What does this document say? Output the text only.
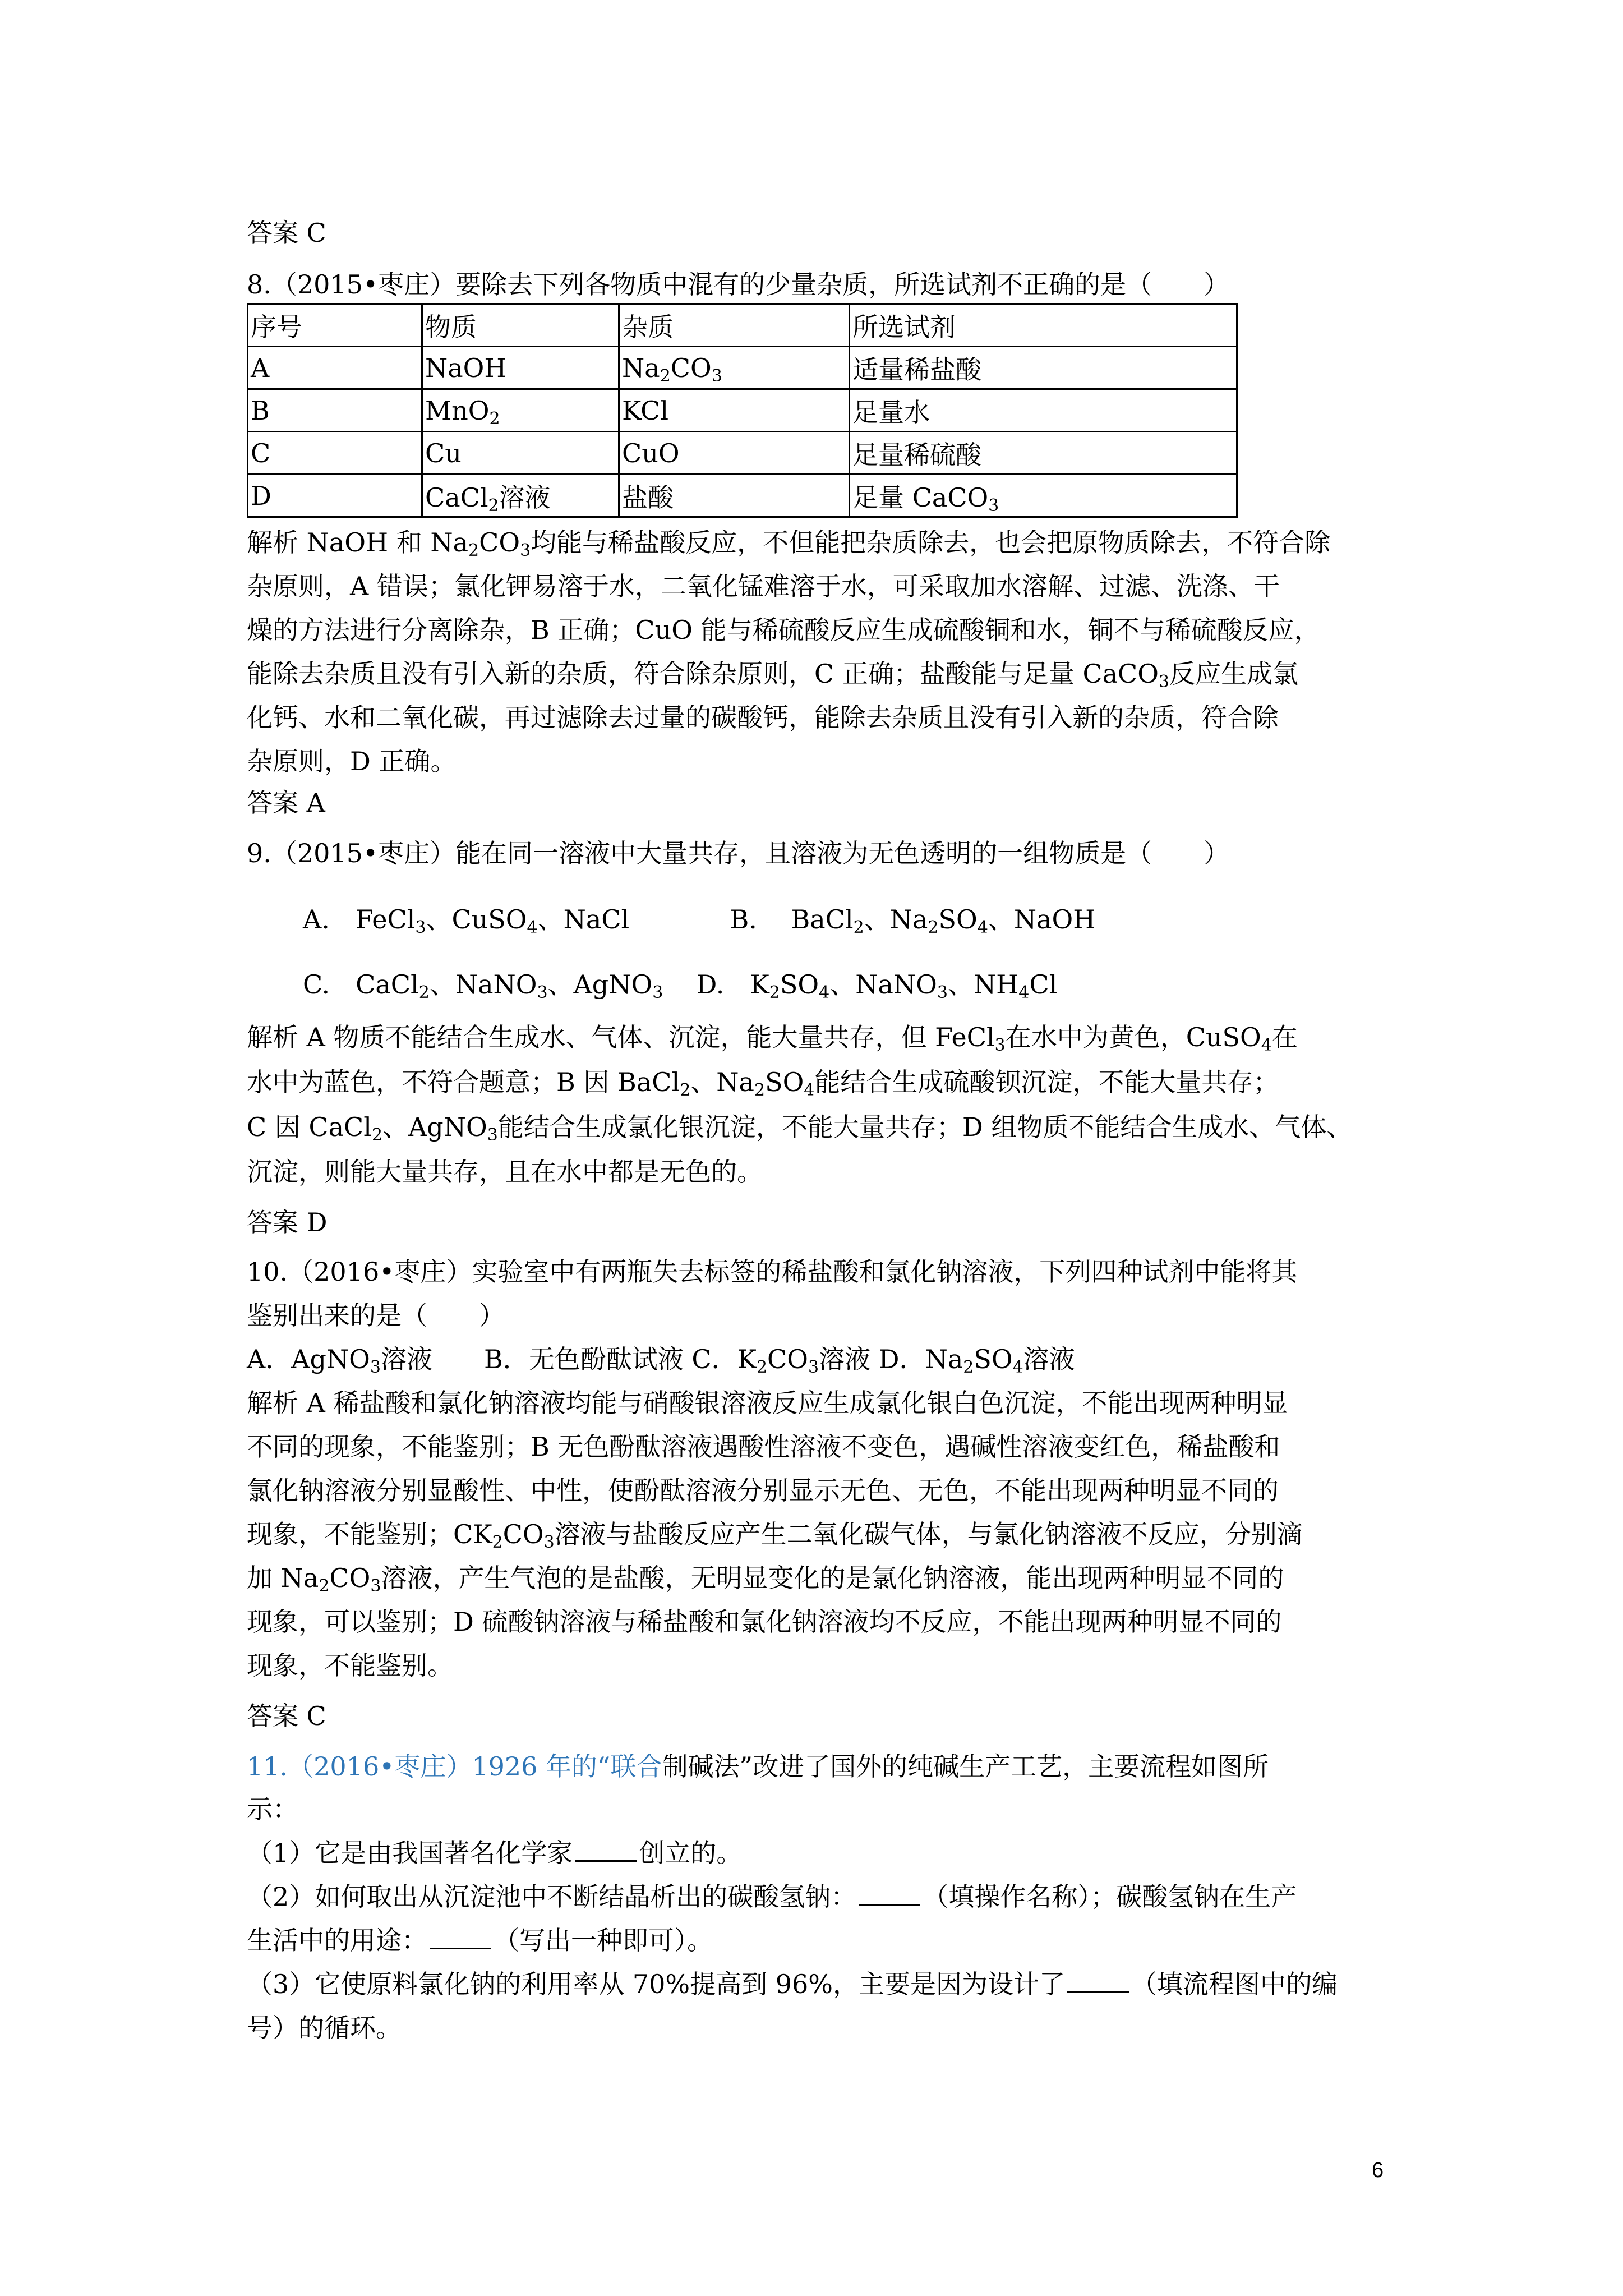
答案 C
8.（2015•枣庄）要除去下列各物质中混有的少量杂质，所选试剂不正确的是（　　）
序号	物质	杂质	所选试剂
A	NaOH	$Na_2CO_3$	适量稀盐酸
B	MnO$_2$	KCl	足量水
C	Cu	CuO	足量稀硫酸
D	CaCl$_2$溶液	盐酸	足量 CaCO$_3$
解析 NaOH 和 $Na_2CO_3$均能与稀盐酸反应，不但能把杂质除去，也会把原物质除去，不符合除
杂原则，A 错误；氯化钾易溶于水，二氧化锰难溶于水，可采取加水溶解、过滤、洗涤、干
燥的方法进行分离除杂，B 正确；CuO 能与稀硫酸反应生成硫酸铜和水，铜不与稀硫酸反应，
能除去杂质且没有引入新的杂质，符合除杂原则，C 正确；盐酸能与足量 CaCO$_3$反应生成氯
化钙、水和二氧化碳，再过滤除去过量的碳酸钙，能除去杂质且没有引入新的杂质，符合除
杂原则，D 正确。
答案 A
9.（2015•枣庄）能在同一溶液中大量共存，且溶液为无色透明的一组物质是（　　）
A.　FeCl$_3$、CuSO$_4$、NaCl	B.　 BaCl$_2$、$Na_2SO_4$、NaOH
C.　CaCl$_2$、NaNO$_3$、AgNO$_3$ D.　$K_2SO_4$、NaNO$_3$、$NH_4Cl$
解析 A 物质不能结合生成水、气体、沉淀，能大量共存，但 FeCl$_3$在水中为黄色，CuSO$_4$在
水中为蓝色，不符合题意；B 因 BaCl$_2$、$Na_2SO_4$能结合生成硫酸钡沉淀，不能大量共存；
C 因 CaCl$_2$、AgNO$_3$能结合生成氯化银沉淀，不能大量共存；D 组物质不能结合生成水、气体、
沉淀，则能大量共存，且在水中都是无色的。
答案 D
10.（2016•枣庄）实验室中有两瓶失去标签的稀盐酸和氯化钠溶液，下列四种试剂中能将其
鉴别出来的是（　　）
A．AgNO$_3$溶液　　B．无色酚酞试液 C．$K_2CO_3$溶液 D．$Na_2SO_4$溶液
解析 A 稀盐酸和氯化钠溶液均能与硝酸银溶液反应生成氯化银白色沉淀，不能出现两种明显
不同的现象，不能鉴别；B 无色酚酞溶液遇酸性溶液不变色，遇碱性溶液变红色，稀盐酸和
氯化钠溶液分别显酸性、中性，使酚酞溶液分别显示无色、无色，不能出现两种明显不同的
现象，不能鉴别；$CK_2CO_3$溶液与盐酸反应产生二氧化碳气体，与氯化钠溶液不反应，分别滴
加 $Na_2CO_3$溶液，产生气泡的是盐酸，无明显变化的是氯化钠溶液，能出现两种明显不同的
现象，可以鉴别；D 硫酸钠溶液与稀盐酸和氯化钠溶液均不反应，不能出现两种明显不同的
现象，不能鉴别。
答案 C
11.（2016•枣庄）1926 年的“联合制碱法”改进了国外的纯碱生产工艺，主要流程如图所
示：
（1）它是由我国著名化学家	创立的。
（2）如何取出从沉淀池中不断结晶析出的碳酸氢钠：	（填操作名称）；碳酸氢钠在生产
生活中的用途：	（写出一种即可）。
（3）它使原料氯化钠的利用率从 70%提高到 96%，主要是因为设计了	（填流程图中的编
号）的循环。
6
